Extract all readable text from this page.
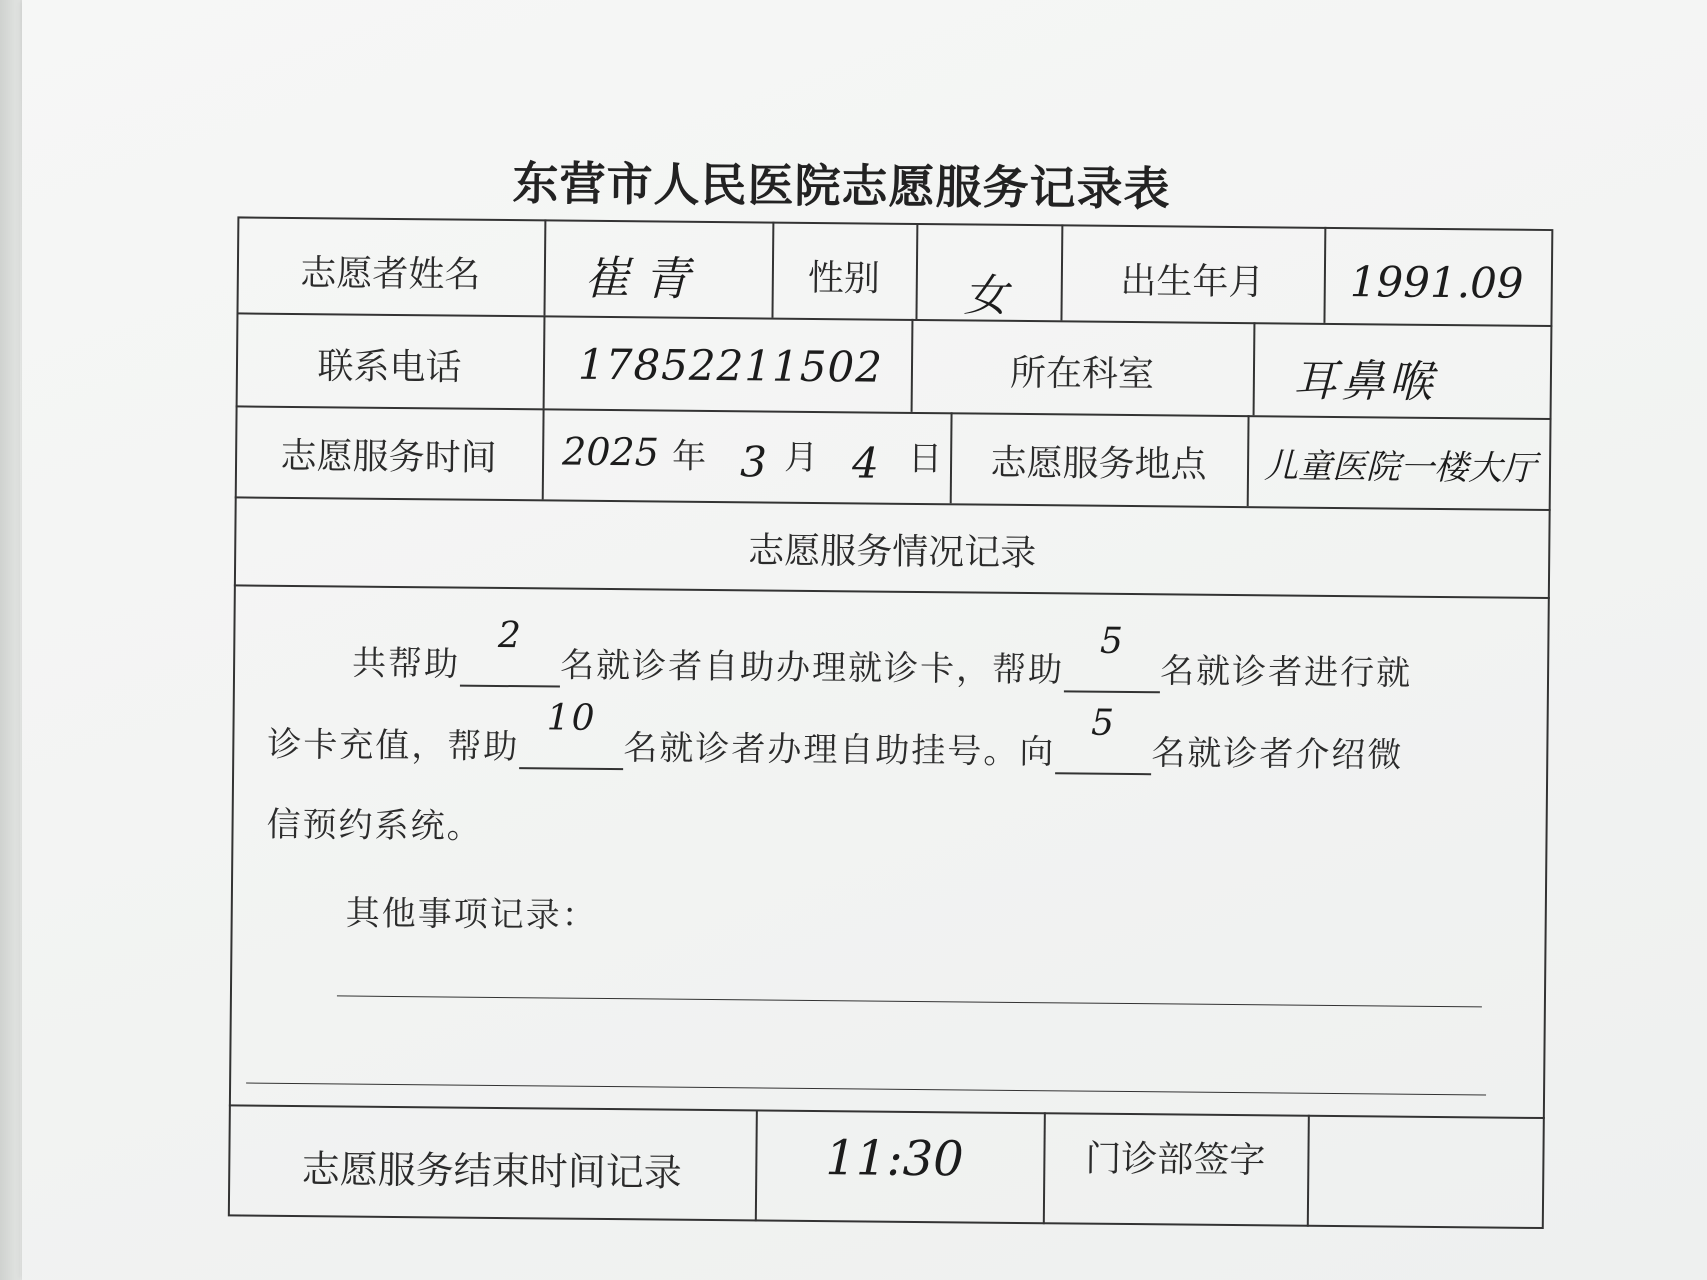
东营市人民医院志愿服务记录表
志愿者姓名	崔青	性别	女	出生年月	1991.09
联系电话	17852211502	所在科室	耳鼻喉
志愿服务时间	2025 年 3 月 4 日	志愿服务地点	儿童医院一楼大厅
志愿服务情况记录
共帮助
2
名就诊者自助办理就诊卡，帮助
5
名就诊者进行就
诊卡充值，帮助
10
名就诊者办理自助挂号。向
5
名就诊者介绍微
信预约系统。
其他事项记录：
志愿服务结束时间记录	11:30	门诊部签字
